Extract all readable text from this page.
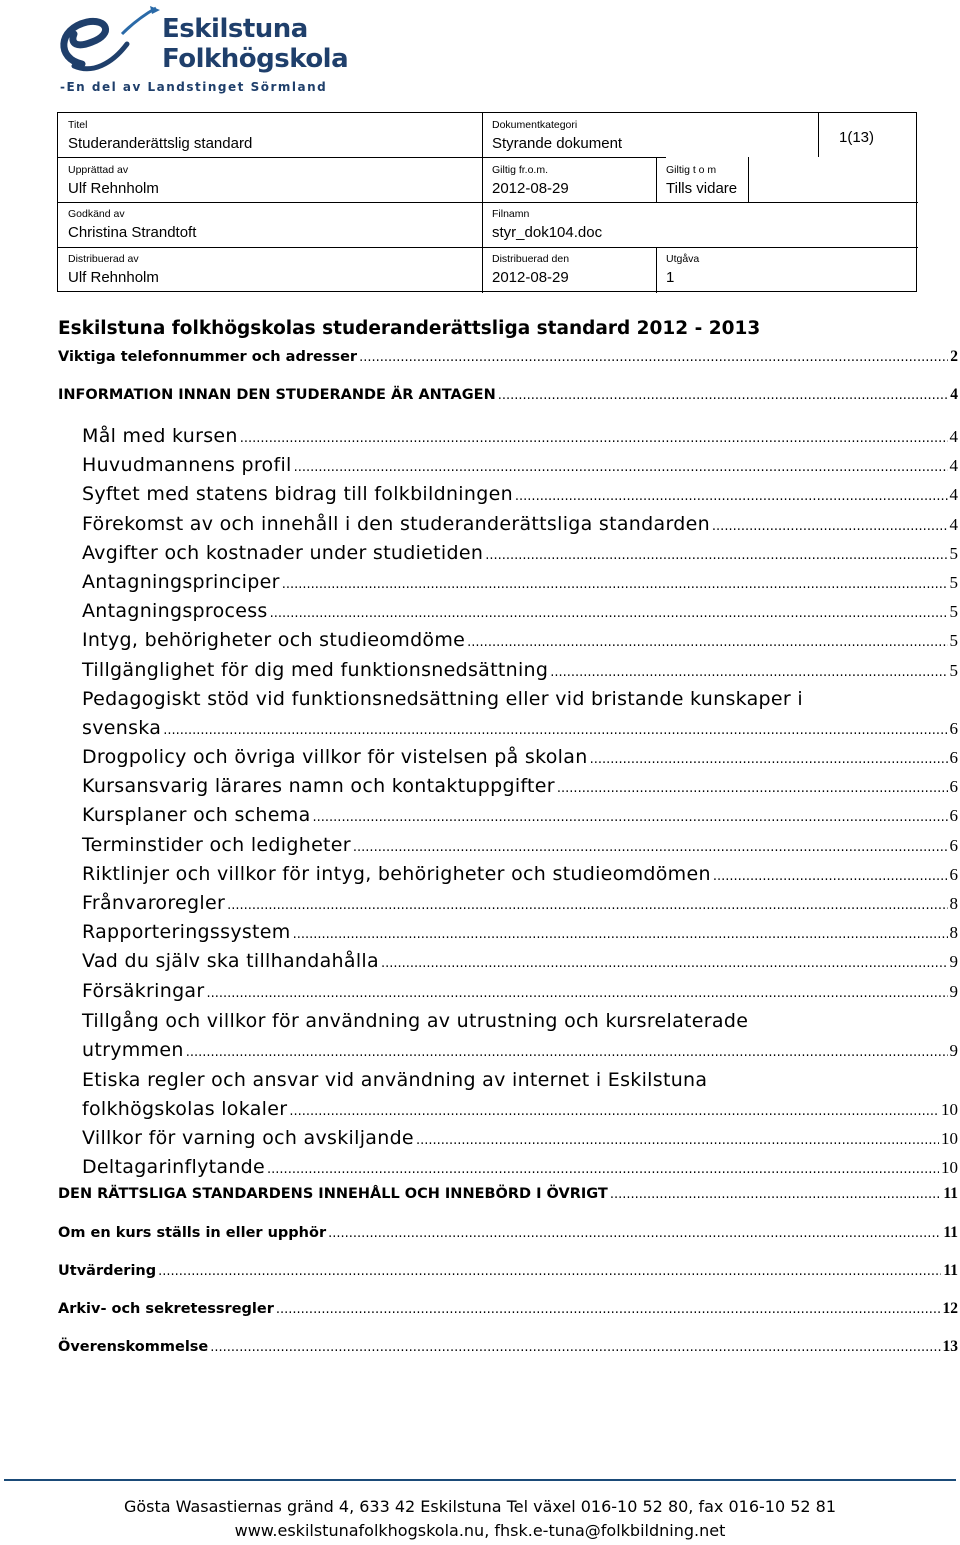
Eskilstuna
Folkhögskola
-En del av Landstinget Sörmland
Titel
Studeranderättslig standard
Dokumentkategori
Styrande dokument	1(13)
Upprättad av
Ulf Rehnholm
Giltig fr.o.m.
2012-08-29
Giltig t o m
Tills vidare
Godkänd av
Christina Strandtoft
Filnamn
styr_dok104.doc
Distribuerad av
Ulf Rehnholm
Distribuerad den
2012-08-29
Utgåva
1
Eskilstuna folkhögskolas studeranderättsliga standard 2012 - 2013
Viktiga telefonnummer och adresser .....	2
INFORMATION INNAN DEN STUDERANDE ÄR ANTAGEN .....	4
Mål med kursen .....	4
Huvudmannens profil .....	4
Syftet med statens bidrag till folkbildningen .....	4
Förekomst av och innehåll i den studeranderättsliga standarden .....	4
Avgifter och kostnader under studietiden .....	5
Antagningsprinciper .....	5
Antagningsprocess .....	5
Intyg, behörigheter och studieomdöme .....	5
Tillgänglighet för dig med funktionsnedsättning .....	5
Pedagogiskt stöd vid funktionsnedsättning eller vid bristande kunskaper i
svenska .....	6
Drogpolicy och övriga villkor för vistelsen på skolan .....	6
Kursansvarig lärares namn och kontaktuppgifter .....	6
Kursplaner och schema .....	6
Terminstider och ledigheter .....	6
Riktlinjer och villkor för intyg, behörigheter och studieomdömen .....	6
Frånvaroregler .....	8
Rapporteringssystem .....	8
Vad du själv ska tillhandahålla .....	9
Försäkringar .....	9
Tillgång och villkor för användning av utrustning och kursrelaterade
utrymmen .....	9
Etiska regler och ansvar vid användning av internet i Eskilstuna
folkhögskolas lokaler .....	10
Villkor för varning och avskiljande .....	10
Deltagarinflytande .....	10
DEN RÄTTSLIGA STANDARDENS INNEHÅLL OCH INNEBÖRD I ÖVRIGT .....	11
Om en kurs ställs in eller upphör .....	11
Utvärdering .....	11
Arkiv- och sekretessregler .....	12
Överenskommelse .....	13
Gösta Wasastiernas gränd 4, 633 42 Eskilstuna Tel växel 016-10 52 80, fax 016-10 52 81
www.eskilstunafolkhogskola.nu, fhsk.e-tuna@folkbildning.net
